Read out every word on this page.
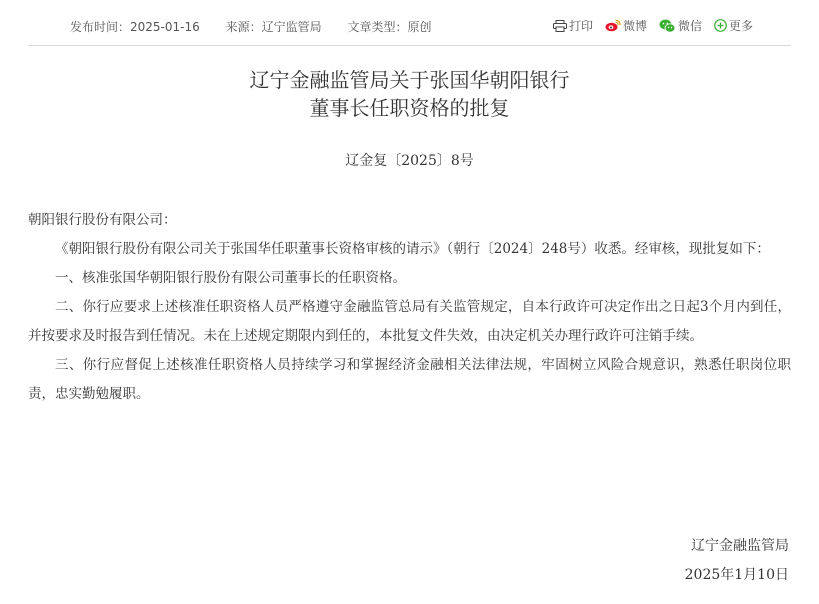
发布时间：2025-01-16 来源：辽宁监管局 文章类型：原创	打印	微博	微信 更多
辽宁金融监管局关于张国华朝阳银行
董事长任职资格的批复
辽金复〔2025〕8号

朝阳银行股份有限公司：

《朝阳银行股份有限公司关于张国华任职董事长资格审核的请示》（朝行〔2024〕248号）收悉。经审核，现批复如下：

一、核准张国华朝阳银行股份有限公司董事长的任职资格。

二、你行应要求上述核准任职资格人员严格遵守金融监管总局有关监管规定，自本行政许可决定作出之日起3个月内到任，并按要求及时报告到任情况。未在上述规定期限内到任的，本批复文件失效，由决定机关办理行政许可注销手续。

三、你行应督促上述核准任职资格人员持续学习和掌握经济金融相关法律法规，牢固树立风险合规意识，熟悉任职岗位职责，忠实勤勉履职。

辽宁金融监管局
2025年1月10日
